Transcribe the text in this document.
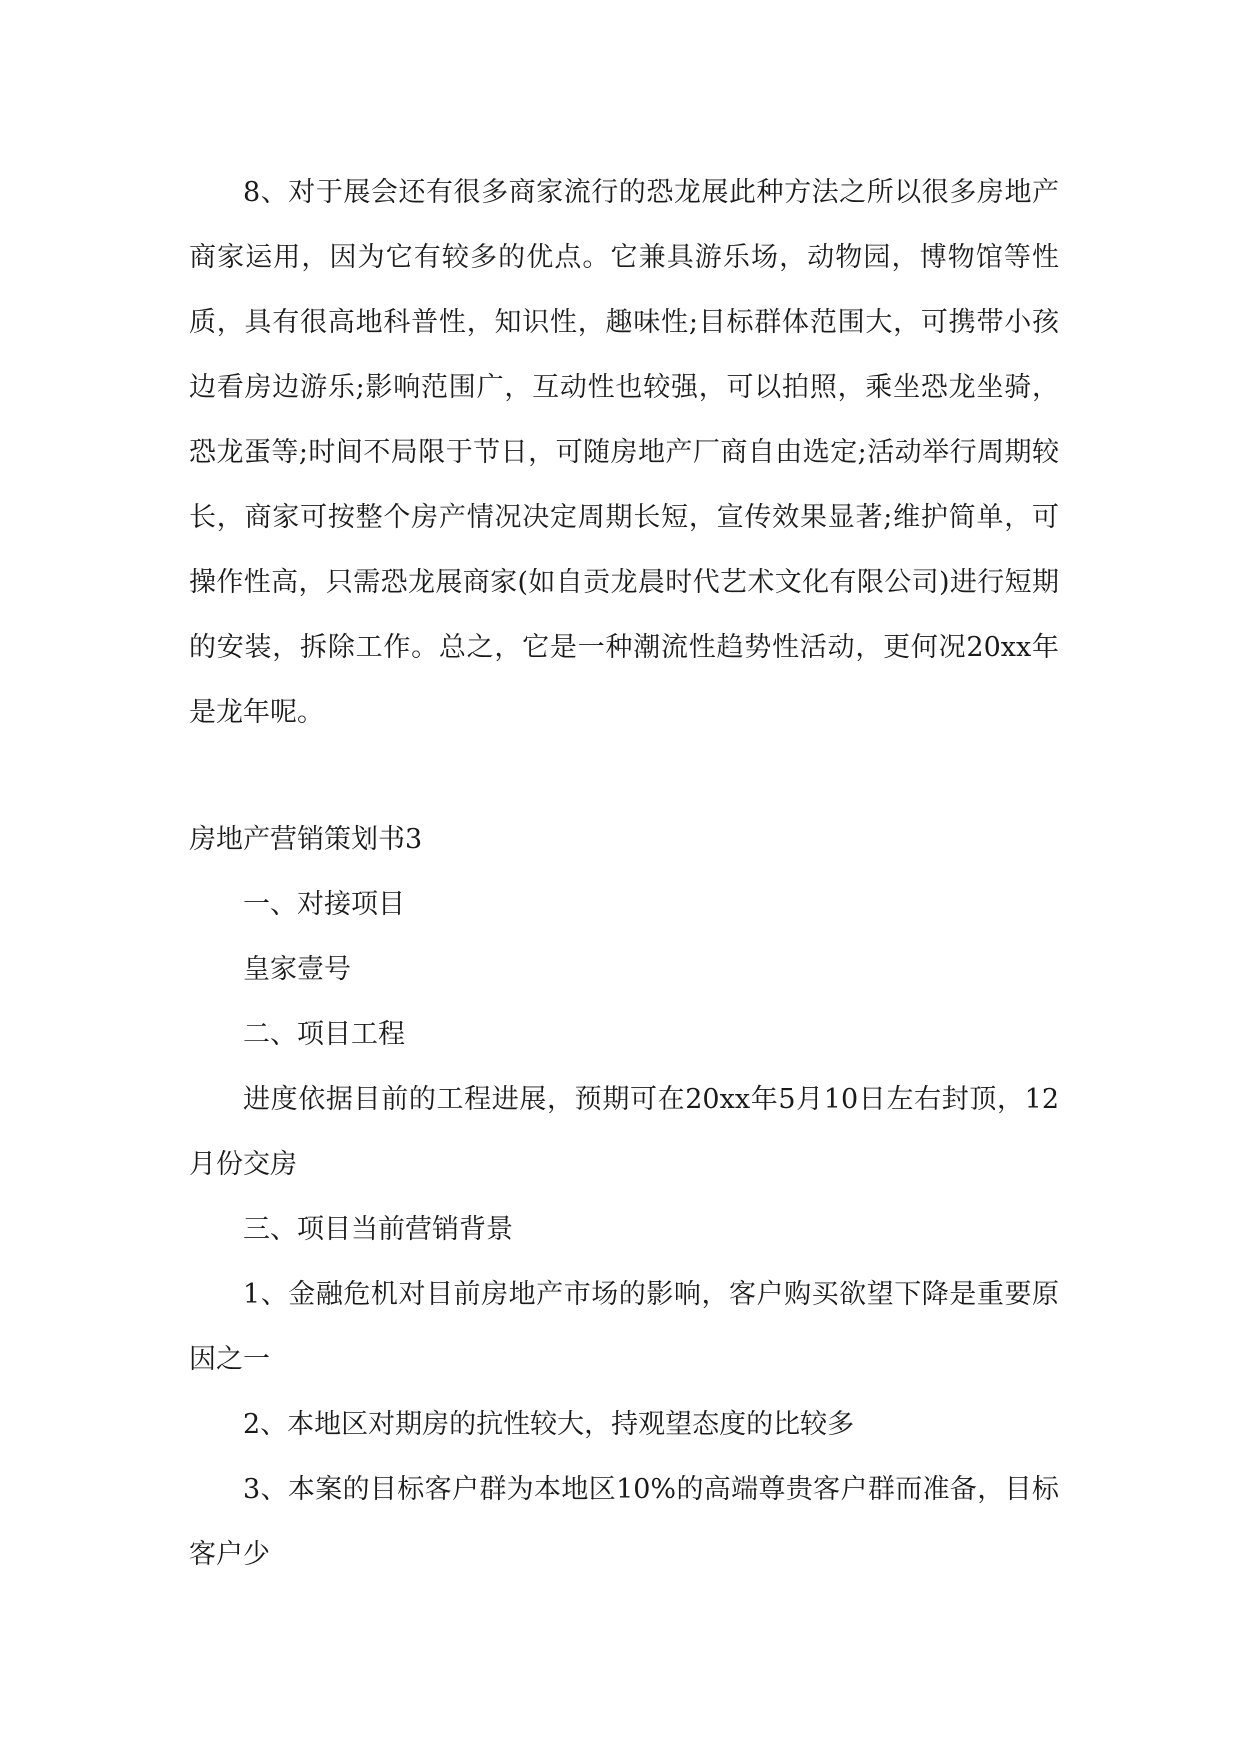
8、对于展会还有很多商家流行的恐龙展此种方法之所以很多房地产商家运用，因为它有较多的优点。它兼具游乐场，动物园，博物馆等性质，具有很高地科普性，知识性，趣味性;目标群体范围大，可携带小孩边看房边游乐;影响范围广，互动性也较强，可以拍照，乘坐恐龙坐骑，恐龙蛋等;时间不局限于节日，可随房地产厂商自由选定;活动举行周期较长，商家可按整个房产情况决定周期长短，宣传效果显著;维护简单，可操作性高，只需恐龙展商家(如自贡龙晨时代艺术文化有限公司)进行短期的安装，拆除工作。总之，它是一种潮流性趋势性活动，更何况20xx年是龙年呢。

房地产营销策划书3

一、对接项目

皇家壹号

二、项目工程

进度依据目前的工程进展，预期可在20xx年5月10日左右封顶，12月份交房

三、项目当前营销背景

1、金融危机对目前房地产市场的影响，客户购买欲望下降是重要原因之一

2、本地区对期房的抗性较大，持观望态度的比较多

3、本案的目标客户群为本地区10%的高端尊贵客户群而准备，目标客户少
